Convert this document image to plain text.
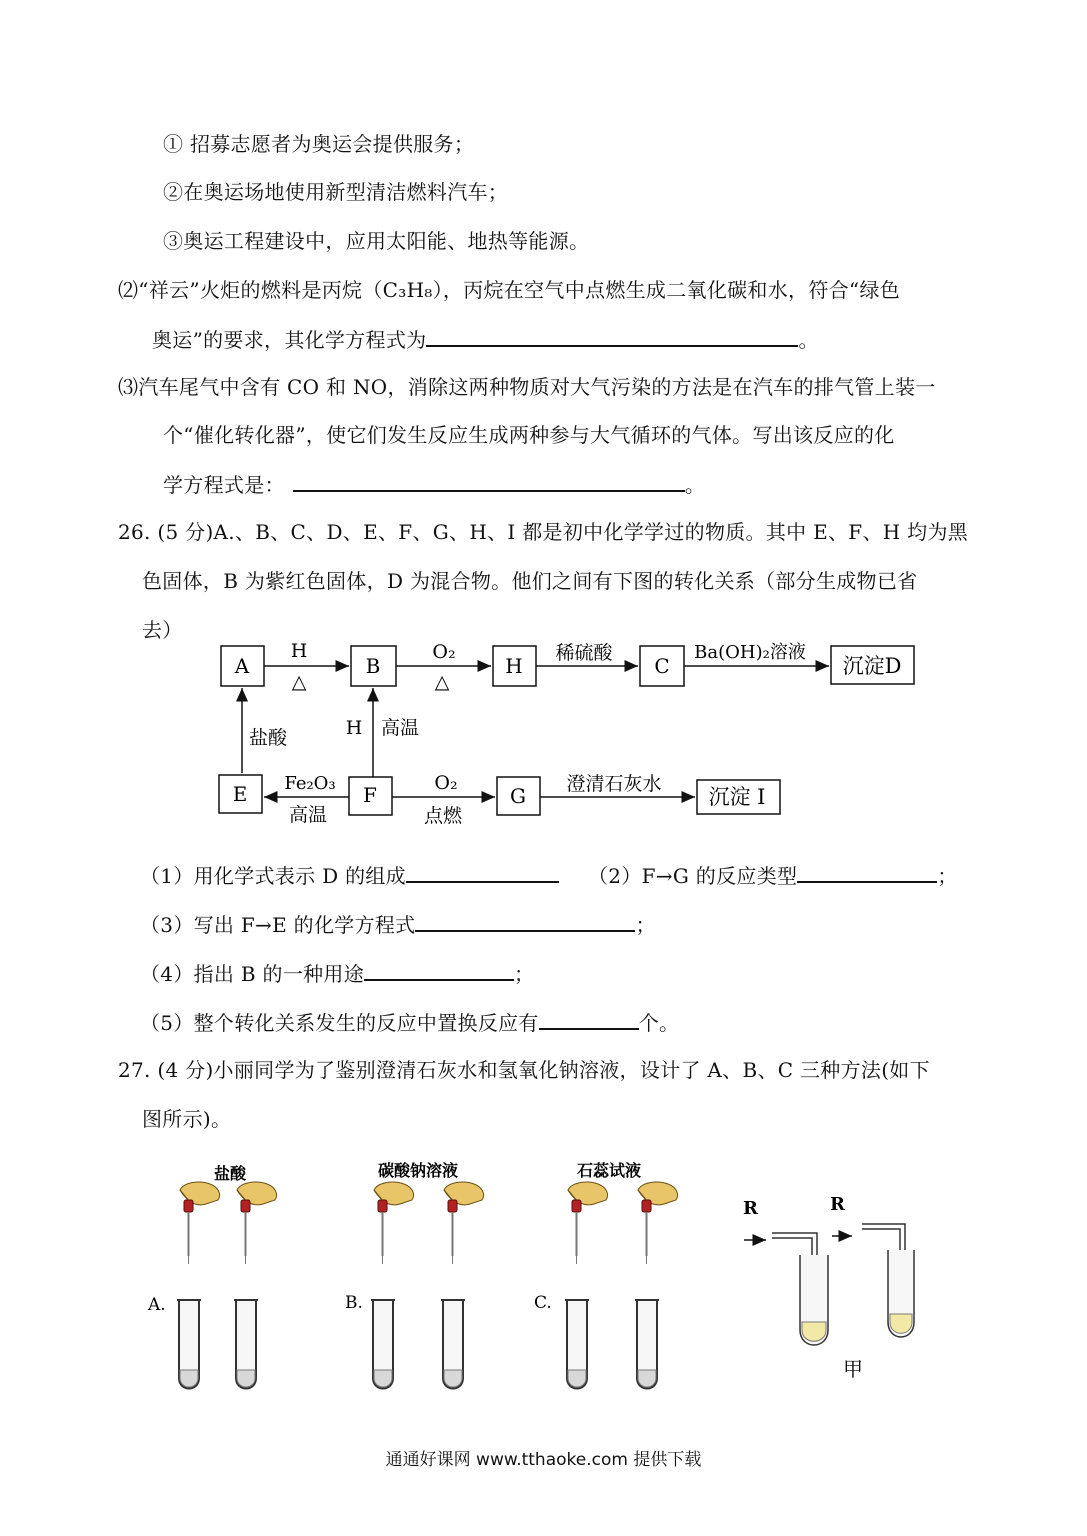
① 招募志愿者为奥运会提供服务；
②在奥运场地使用新型清洁燃料汽车；
③奥运工程建设中，应用太阳能、地热等能源。
⑵“祥云”火炬的燃料是丙烷（C₃H₈），丙烷在空气中点燃生成二氧化碳和水，符合“绿色
奥运”的要求，其化学方程式为	。
⑶汽车尾气中含有 CO 和 NO，消除这两种物质对大气污染的方法是在汽车的排气管上装一
个“催化转化器”，使它们发生反应生成两种参与大气循环的气体。写出该反应的化
学方程式是：	。
26. (5 分)A.、B、C、D、E、F、G、H、I 都是初中化学学过的物质。其中 E、F、H 均为黑
色固体，B 为紫红色固体，D 为混合物。他们之间有下图的转化关系（部分生成物已省
去）
A	B	H	C	沉淀D
H
△
O₂
△
稀硫酸	Ba(OH)₂溶液
盐酸	H 高温
E	F	G	沉淀 I
Fe₂O₃
高温
O₂
点燃
澄清石灰水
（1）用化学式表示 D 的组成	（2）F→G 的反应类型	；
（3）写出 F→E 的化学方程式	；
（4）指出 B 的一种用途	；
（5）整个转化关系发生的反应中置换反应有	个。
27. (4 分)小丽同学为了鉴别澄清石灰水和氢氧化钠溶液，设计了 A、B、C 三种方法(如下
图所示)。
盐酸
A.
碳酸钠溶液
B.
石蕊试液
C.
R	R
甲
通通好课网 www.tthaoke.com 提供下载
